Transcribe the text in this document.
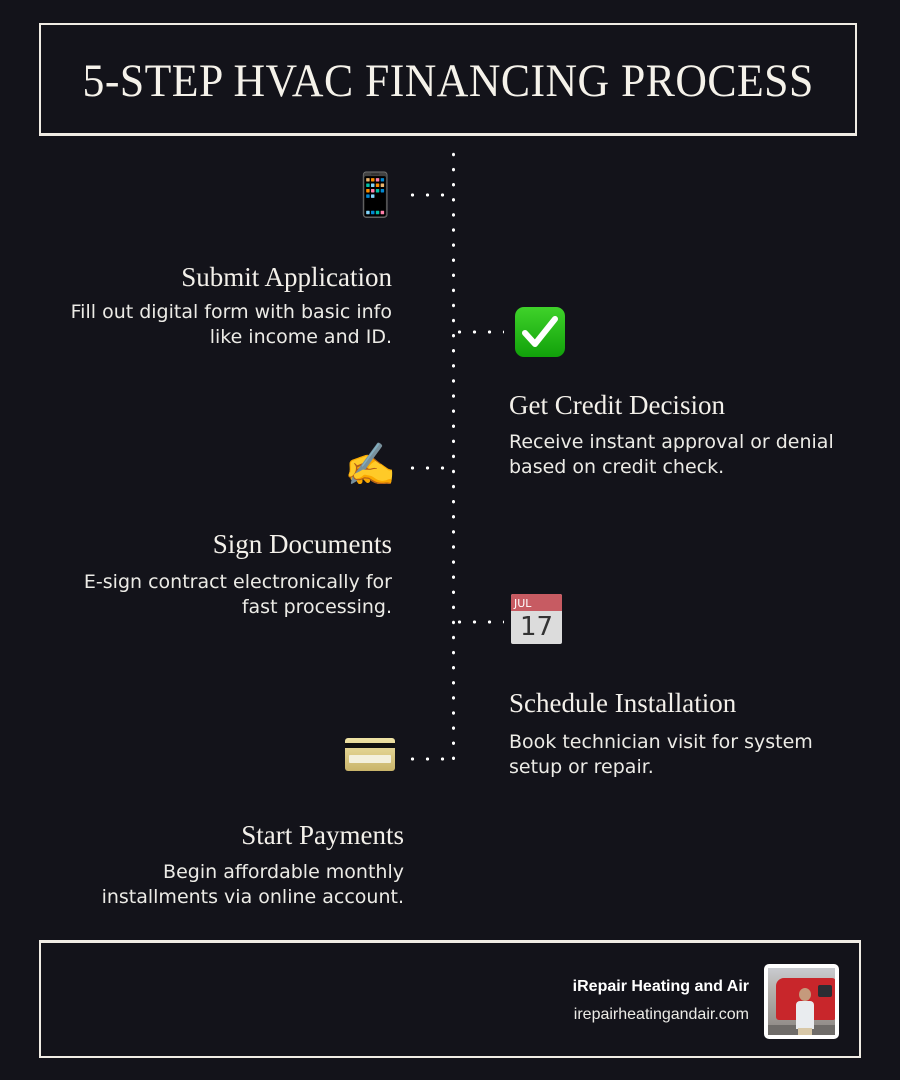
5-STEP HVAC FINANCING PROCESS
📱
Submit Application
Fill out digital form with basic info
like income and ID.
Get Credit Decision
Receive instant approval or denial
based on credit check.
✍️
Sign Documents
E-sign contract electronically for
fast processing.	JUL
17
Schedule Installation
Book technician visit for system
setup or repair.
Start Payments
Begin affordable monthly
installments via online account.
iRepair Heating and Air
irepairheatingandair.com
